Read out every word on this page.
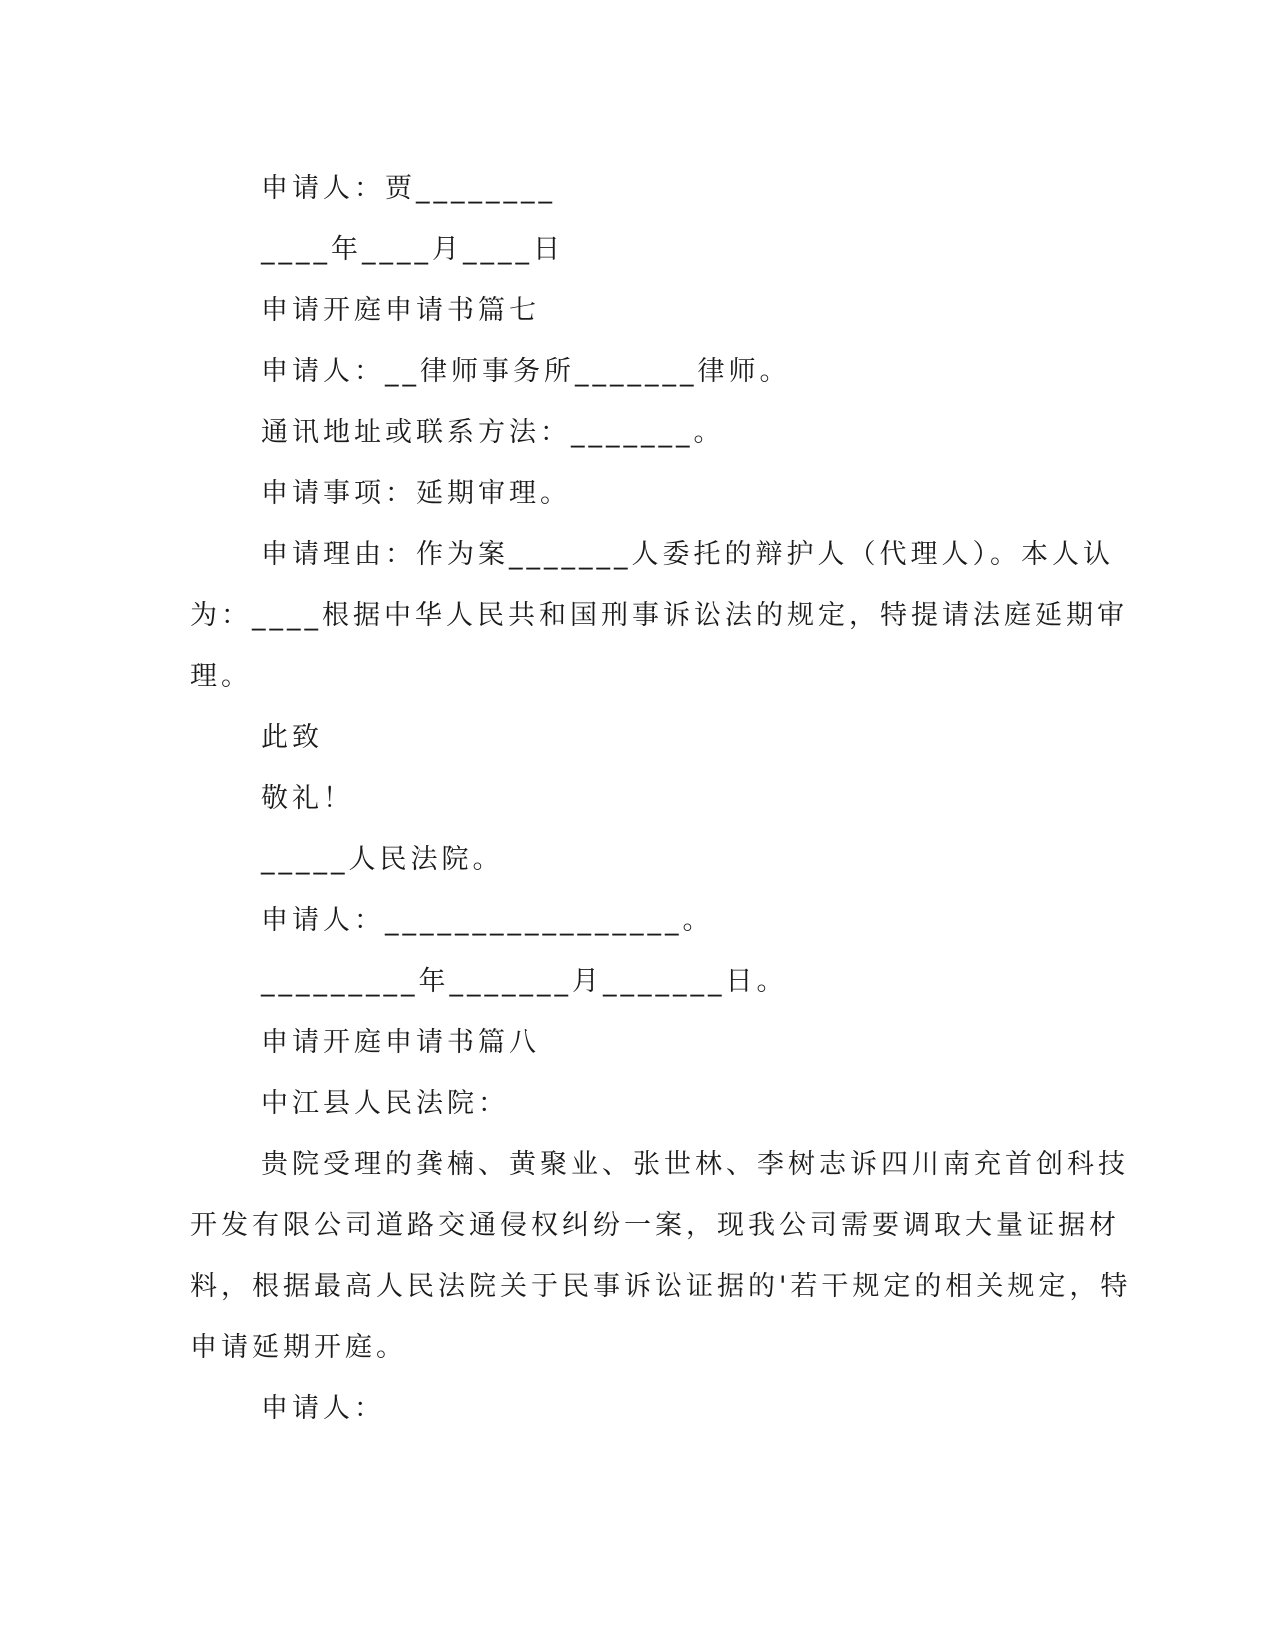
申请人：贾________
____年____月____日
申请开庭申请书篇七
申请人：__律师事务所_______律师。
通讯地址或联系方法：_______。
申请事项：延期审理。
申请理由：作为案_______人委托的辩护人（代理人）。本人认
为：____根据中华人民共和国刑事诉讼法的规定，特提请法庭延期审
理。
此致
敬礼！
_____人民法院。
申请人：_________________。
_________年_______月_______日。
申请开庭申请书篇八
中江县人民法院：
贵院受理的龚楠、黄聚业、张世林、李树志诉四川南充首创科技
开发有限公司道路交通侵权纠纷一案，现我公司需要调取大量证据材
料，根据最高人民法院关于民事诉讼证据的'若干规定的相关规定，特
申请延期开庭。
申请人：
